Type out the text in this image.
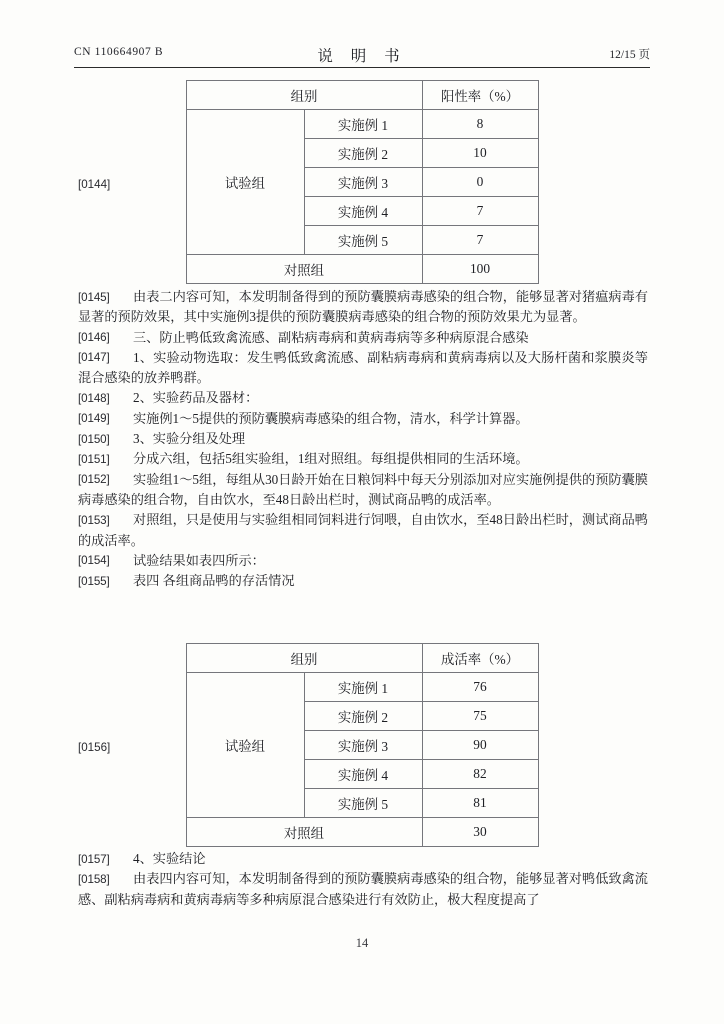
CN 110664907 B	说 明 书	12/15 页
[0144]
组别		阳性率（%）
试验组	实施例 1	8
	实施例 2	10
	实施例 3	0
	实施例 4	7
	实施例 5	7
对照组		100

[0145] 由表二内容可知，本发明制备得到的预防囊膜病毒感染的组合物，能够显著对猪瘟病毒有显著的预防效果，其中实施例3提供的预防囊膜病毒感染的组合物的预防效果尤为显著。

[0146] 三、防止鸭低致禽流感、副粘病毒病和黄病毒病等多种病原混合感染

[0147] 1、实验动物选取：发生鸭低致禽流感、副粘病毒病和黄病毒病以及大肠杆菌和浆膜炎等混合感染的放养鸭群。

[0148] 2、实验药品及器材：

[0149] 实施例1～5提供的预防囊膜病毒感染的组合物，清水，科学计算器。

[0150] 3、实验分组及处理

[0151] 分成六组，包括5组实验组，1组对照组。每组提供相同的生活环境。

[0152] 实验组1～5组，每组从30日龄开始在日粮饲料中每天分别添加对应实施例提供的预防囊膜病毒感染的组合物，自由饮水，至48日龄出栏时，测试商品鸭的成活率。

[0153] 对照组，只是使用与实验组相同饲料进行饲喂，自由饮水，至48日龄出栏时，测试商品鸭的成活率。

[0154] 试验结果如表四所示：

[0155] 表四 各组商品鸭的存活情况

[0156]
组别		成活率（%）
试验组	实施例 1	76
	实施例 2	75
	实施例 3	90
	实施例 4	82
	实施例 5	81
对照组		30

[0157] 4、实验结论

[0158] 由表四内容可知，本发明制备得到的预防囊膜病毒感染的组合物，能够显著对鸭低致禽流感、副粘病毒病和黄病毒病等多种病原混合感染进行有效防止，极大程度提高了

14
